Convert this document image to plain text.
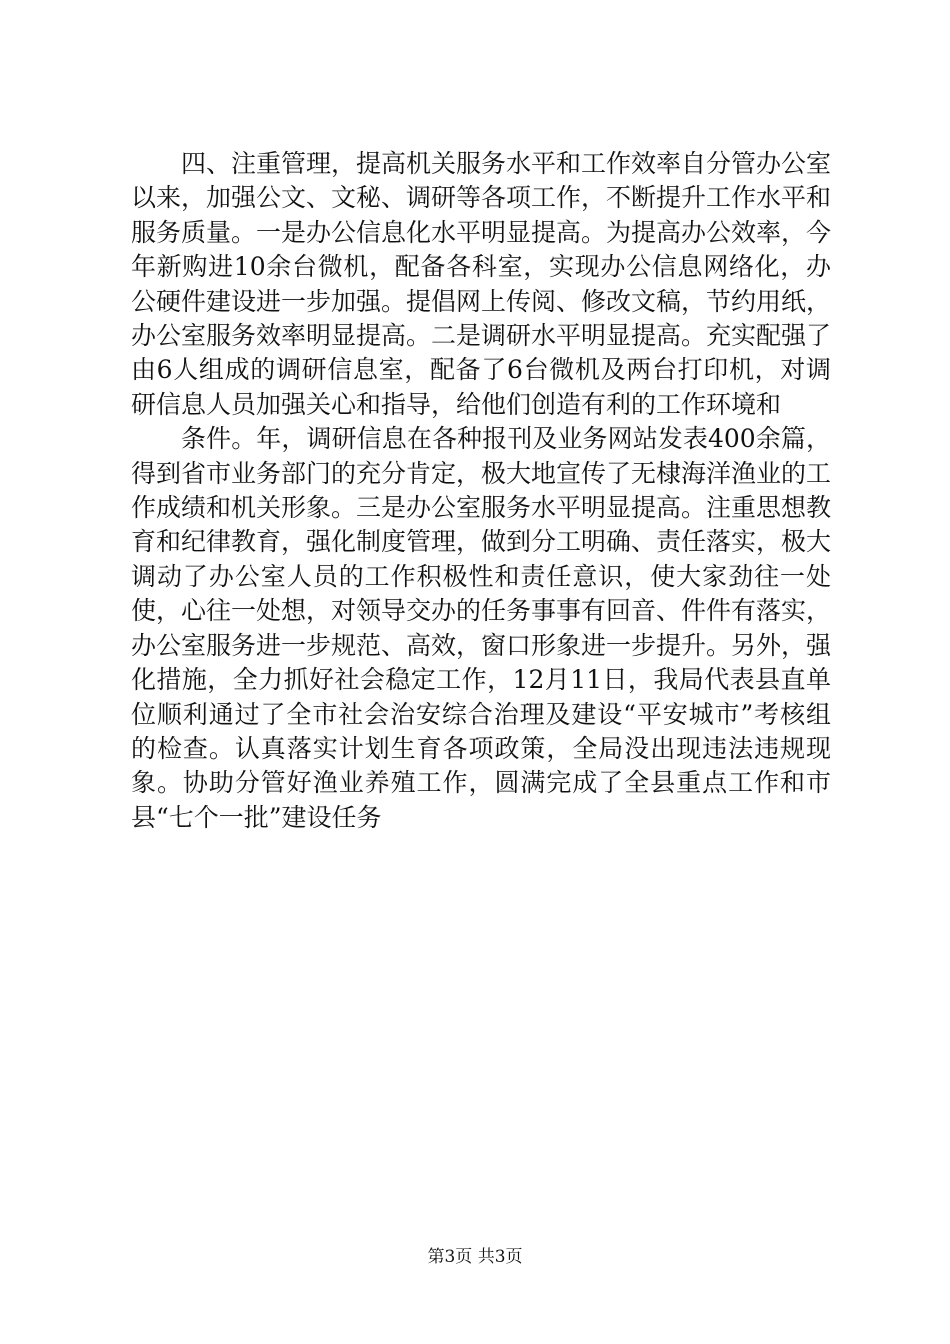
四、注重管理，提高机关服务水平和工作效率自分管办公室以来，加强公文、文秘、调研等各项工作，不断提升工作水平和服务质量。一是办公信息化水平明显提高。为提高办公效率，今年新购进10余台微机，配备各科室，实现办公信息网络化，办公硬件建设进一步加强。提倡网上传阅、修改文稿，节约用纸，办公室服务效率明显提高。二是调研水平明显提高。充实配强了由6人组成的调研信息室，配备了6台微机及两台打印机，对调研信息人员加强关心和指导，给他们创造有利的工作环境和

条件。年，调研信息在各种报刊及业务网站发表400余篇，得到省市业务部门的充分肯定，极大地宣传了无棣海洋渔业的工作成绩和机关形象。三是办公室服务水平明显提高。注重思想教育和纪律教育，强化制度管理，做到分工明确、责任落实，极大调动了办公室人员的工作积极性和责任意识，使大家劲往一处使，心往一处想，对领导交办的任务事事有回音、件件有落实，办公室服务进一步规范、高效，窗口形象进一步提升。另外，强化措施，全力抓好社会稳定工作，12月11日，我局代表县直单位顺利通过了全市社会治安综合治理及建设“平安城市”考核组的检查。认真落实计划生育各项政策，全局没出现违法违规现象。协助分管好渔业养殖工作，圆满完成了全县重点工作和市县“七个一批”建设任务

第3页 共3页
